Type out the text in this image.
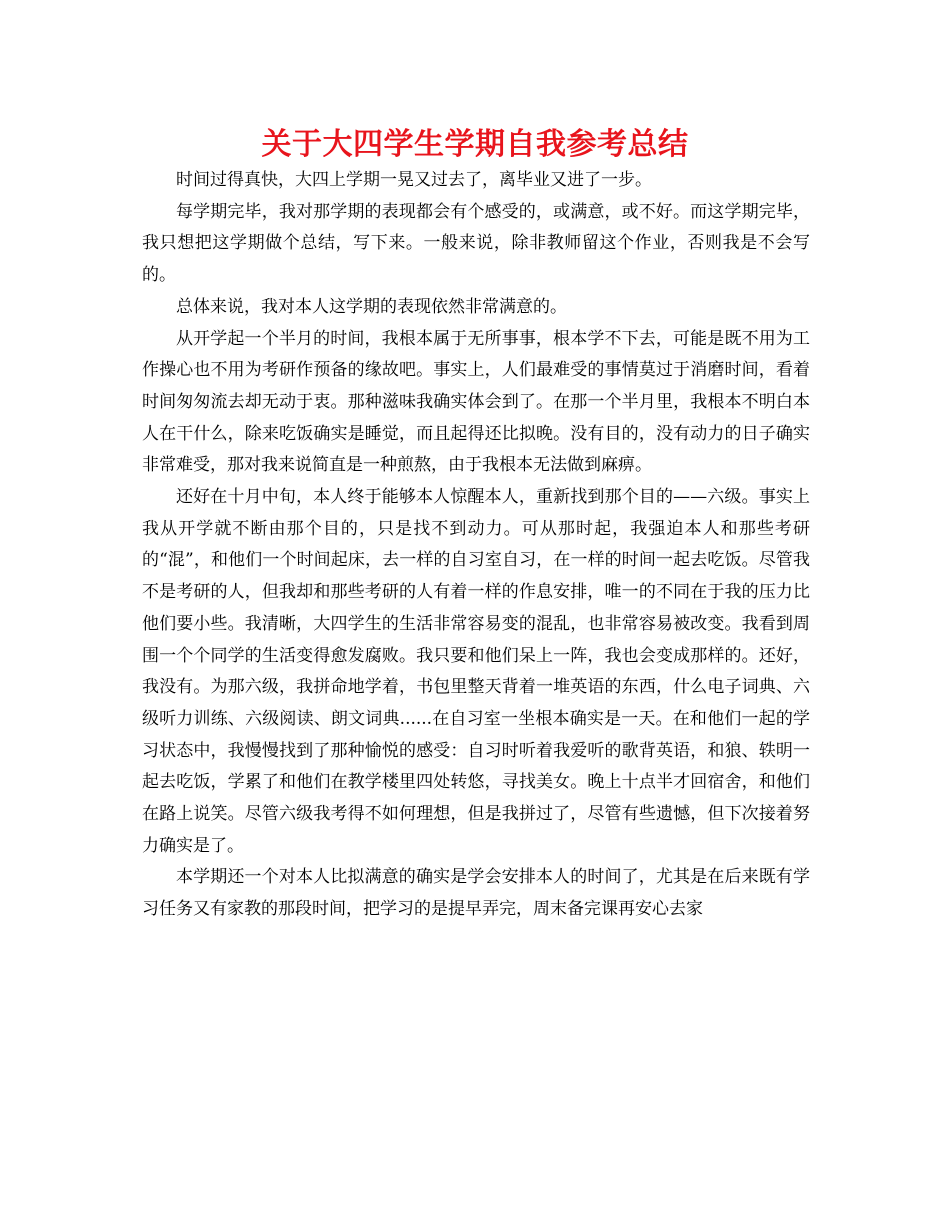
关于大四学生学期自我参考总结

时间过得真快，大四上学期一晃又过去了，离毕业又进了一步。

每学期完毕，我对那学期的表现都会有个感受的，或满意，或不好。而这学期完毕，我只想把这学期做个总结，写下来。一般来说，除非教师留这个作业，否则我是不会写的。

总体来说，我对本人这学期的表现依然非常满意的。

从开学起一个半月的时间，我根本属于无所事事，根本学不下去，可能是既不用为工作操心也不用为考研作预备的缘故吧。事实上，人们最难受的事情莫过于消磨时间，看着时间匆匆流去却无动于衷。那种滋味我确实体会到了。在那一个半月里，我根本不明白本人在干什么，除来吃饭确实是睡觉，而且起得还比拟晚。没有目的，没有动力的日子确实非常难受，那对我来说简直是一种煎熬，由于我根本无法做到麻痹。

还好在十月中旬，本人终于能够本人惊醒本人，重新找到那个目的——六级。事实上我从开学就不断由那个目的，只是找不到动力。可从那时起，我强迫本人和那些考研的“混”，和他们一个时间起床，去一样的自习室自习，在一样的时间一起去吃饭。尽管我不是考研的人，但我却和那些考研的人有着一样的作息安排，唯一的不同在于我的压力比他们要小些。我清晰，大四学生的生活非常容易变的混乱，也非常容易被改变。我看到周围一个个同学的生活变得愈发腐败。我只要和他们呆上一阵，我也会变成那样的。还好，我没有。为那六级，我拼命地学着，书包里整天背着一堆英语的东西，什么电子词典、六级听力训练、六级阅读、朗文词典......在自习室一坐根本确实是一天。在和他们一起的学习状态中，我慢慢找到了那种愉悦的感受：自习时听着我爱听的歌背英语，和狼、轶明一起去吃饭，学累了和他们在教学楼里四处转悠，寻找美女。晚上十点半才回宿舍，和他们在路上说笑。尽管六级我考得不如何理想，但是我拼过了，尽管有些遗憾，但下次接着努力确实是了。

本学期还一个对本人比拟满意的确实是学会安排本人的时间了，尤其是在后来既有学习任务又有家教的那段时间，把学习的是提早弄完，周末备完课再安心去家
